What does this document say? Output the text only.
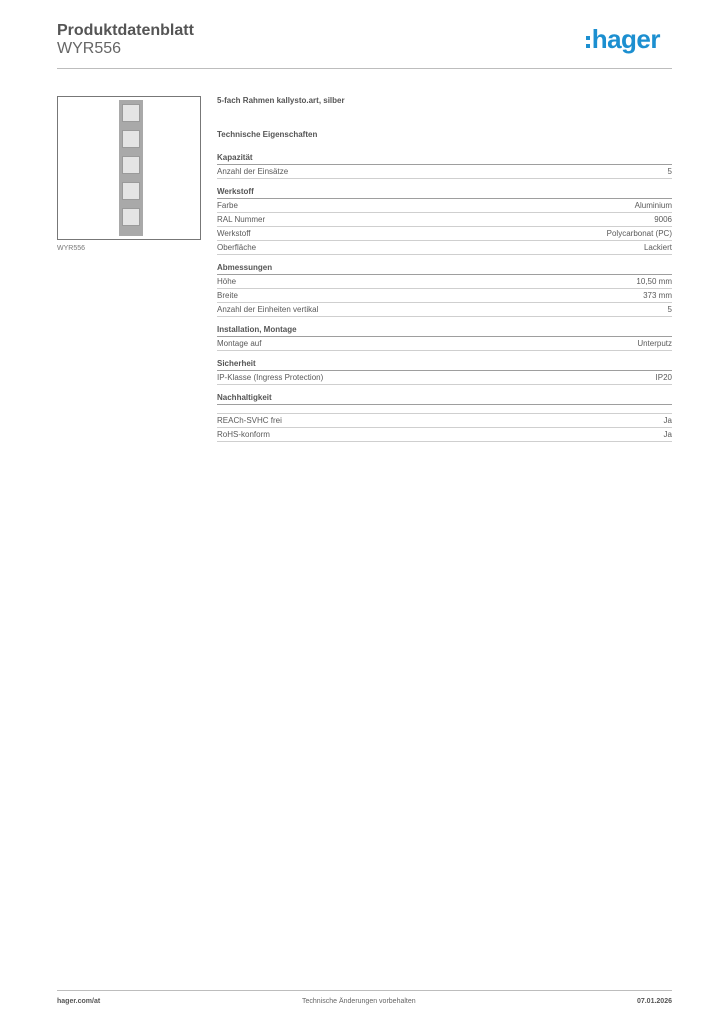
Produktdatenblatt
WYR556	hager
WYR556
5-fach Rahmen kallysto.art, silber
Technische Eigenschaften
Kapazität
Anzahl der Einsätze	5
Werkstoff
Farbe	Aluminium
RAL Nummer	9006
Werkstoff	Polycarbonat (PC)
Oberfläche	Lackiert
Abmessungen
Höhe	10,50 mm
Breite	373 mm
Anzahl der Einheiten vertikal	5
Installation, Montage
Montage auf	Unterputz
Sicherheit
IP-Klasse (Ingress Protection)	IP20
Nachhaltigkeit
REACh-SVHC frei	Ja
RoHS-konform	Ja
hager.com/at	Technische Änderungen vorbehalten	07.01.2026
